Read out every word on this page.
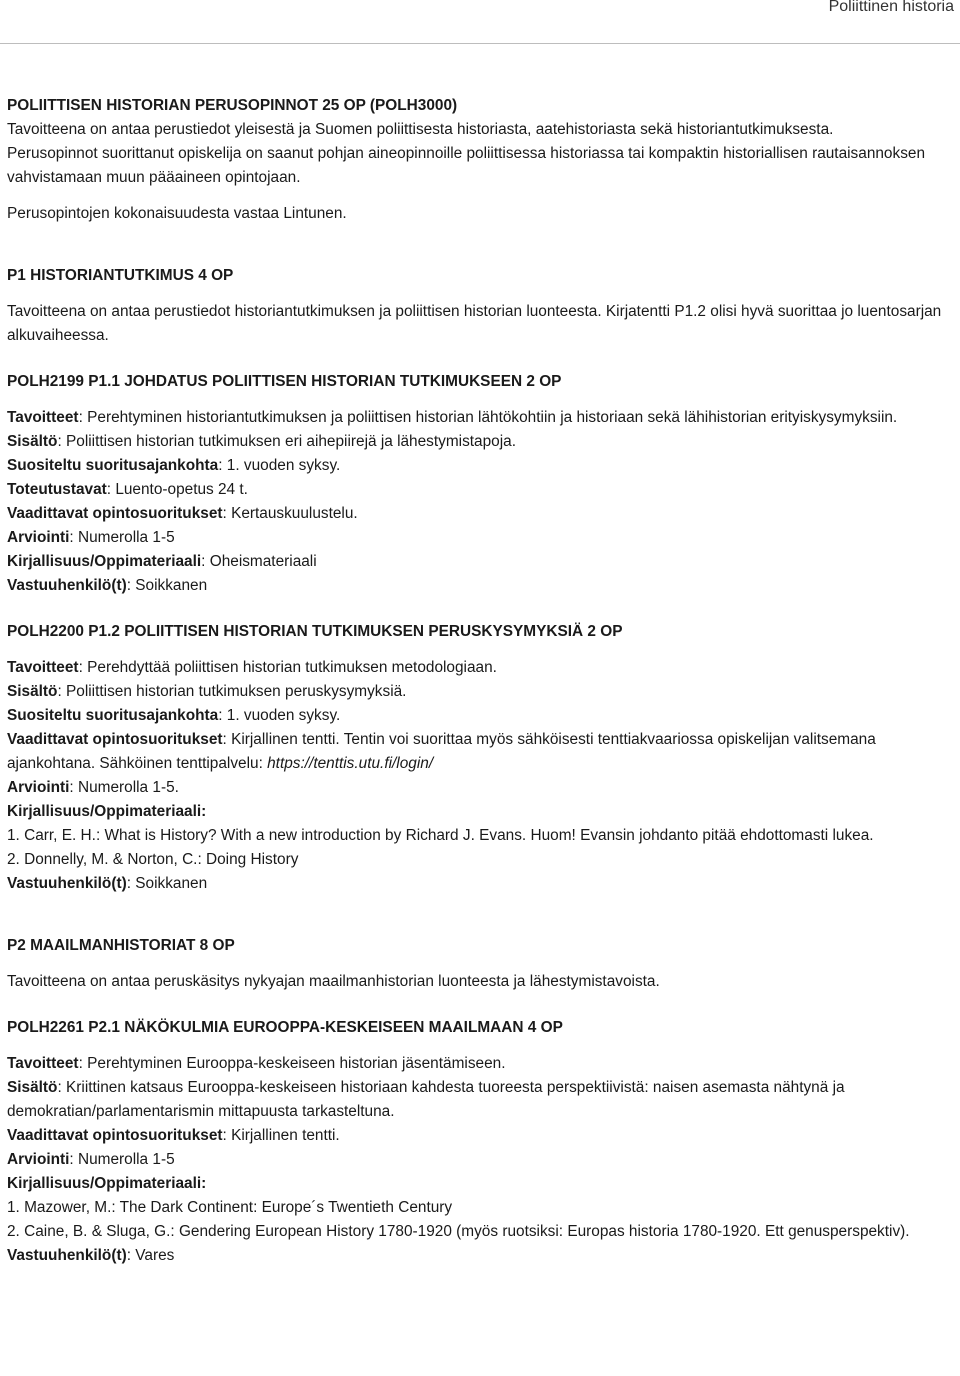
Poliittinen historia

POLIITTISEN HISTORIAN PERUSOPINNOT 25 OP (POLH3000)

Tavoitteena on antaa perustiedot yleisestä ja Suomen poliittisesta historiasta, aatehistoriasta sekä historiantutkimuksesta.

Perusopinnot suorittanut opiskelija on saanut pohjan aineopinnoille poliittisessa historiassa tai kompaktin historiallisen rautaisannoksen vahvistamaan muun pääaineen opintojaan.

Perusopintojen kokonaisuudesta vastaa Lintunen.

P1 HISTORIANTUTKIMUS 4 OP

Tavoitteena on antaa perustiedot historiantutkimuksen ja poliittisen historian luonteesta. Kirjatentti P1.2 olisi hyvä suorittaa jo luentosarjan alkuvaiheessa.

POLH2199 P1.1 JOHDATUS POLIITTISEN HISTORIAN TUTKIMUKSEEN 2 OP

Tavoitteet: Perehtyminen historiantutkimuksen ja poliittisen historian lähtökohtiin ja historiaan sekä lähihistorian erityiskysymyksiin.

Sisältö: Poliittisen historian tutkimuksen eri aihepiirejä ja lähestymistapoja.

Suositeltu suoritusajankohta: 1. vuoden syksy.

Toteutustavat: Luento-opetus 24 t.

Vaadittavat opintosuoritukset: Kertauskuulustelu.

Arviointi: Numerolla 1-5

Kirjallisuus/Oppimateriaali: Oheismateriaali

Vastuuhenkilö(t): Soikkanen

POLH2200 P1.2 POLIITTISEN HISTORIAN TUTKIMUKSEN PERUSKYSYMYKSIÄ 2 OP

Tavoitteet: Perehdyttää poliittisen historian tutkimuksen metodologiaan.

Sisältö: Poliittisen historian tutkimuksen peruskysymyksiä.

Suositeltu suoritusajankohta: 1. vuoden syksy.

Vaadittavat opintosuoritukset: Kirjallinen tentti. Tentin voi suorittaa myös sähköisesti tenttiakvaariossa opiskelijan valitsemana ajankohtana. Sähköinen tenttipalvelu: https://tenttis.utu.fi/login/

Arviointi: Numerolla 1-5.

Kirjallisuus/Oppimateriaali:

1. Carr, E. H.: What is History? With a new introduction by Richard J. Evans. Huom! Evansin johdanto pitää ehdottomasti lukea.

2. Donnelly, M. & Norton, C.: Doing History

Vastuuhenkilö(t): Soikkanen

P2 MAAILMANHISTORIAT 8 OP

Tavoitteena on antaa peruskäsitys nykyajan maailmanhistorian luonteesta ja lähestymistavoista.

POLH2261 P2.1 NÄKÖKULMIA EUROOPPA-KESKEISEEN MAAILMAAN 4 OP

Tavoitteet: Perehtyminen Eurooppa-keskeiseen historian jäsentämiseen.

Sisältö: Kriittinen katsaus Eurooppa-keskeiseen historiaan kahdesta tuoreesta perspektiivistä: naisen asemasta nähtynä ja demokratian/parlamentarismin mittapuusta tarkasteltuna.

Vaadittavat opintosuoritukset: Kirjallinen tentti.

Arviointi: Numerolla 1-5

Kirjallisuus/Oppimateriaali:

1. Mazower, M.: The Dark Continent: Europe´s Twentieth Century

2. Caine, B. & Sluga, G.: Gendering European History 1780-1920 (myös ruotsiksi: Europas historia 1780-1920. Ett genusperspektiv).

Vastuuhenkilö(t): Vares
